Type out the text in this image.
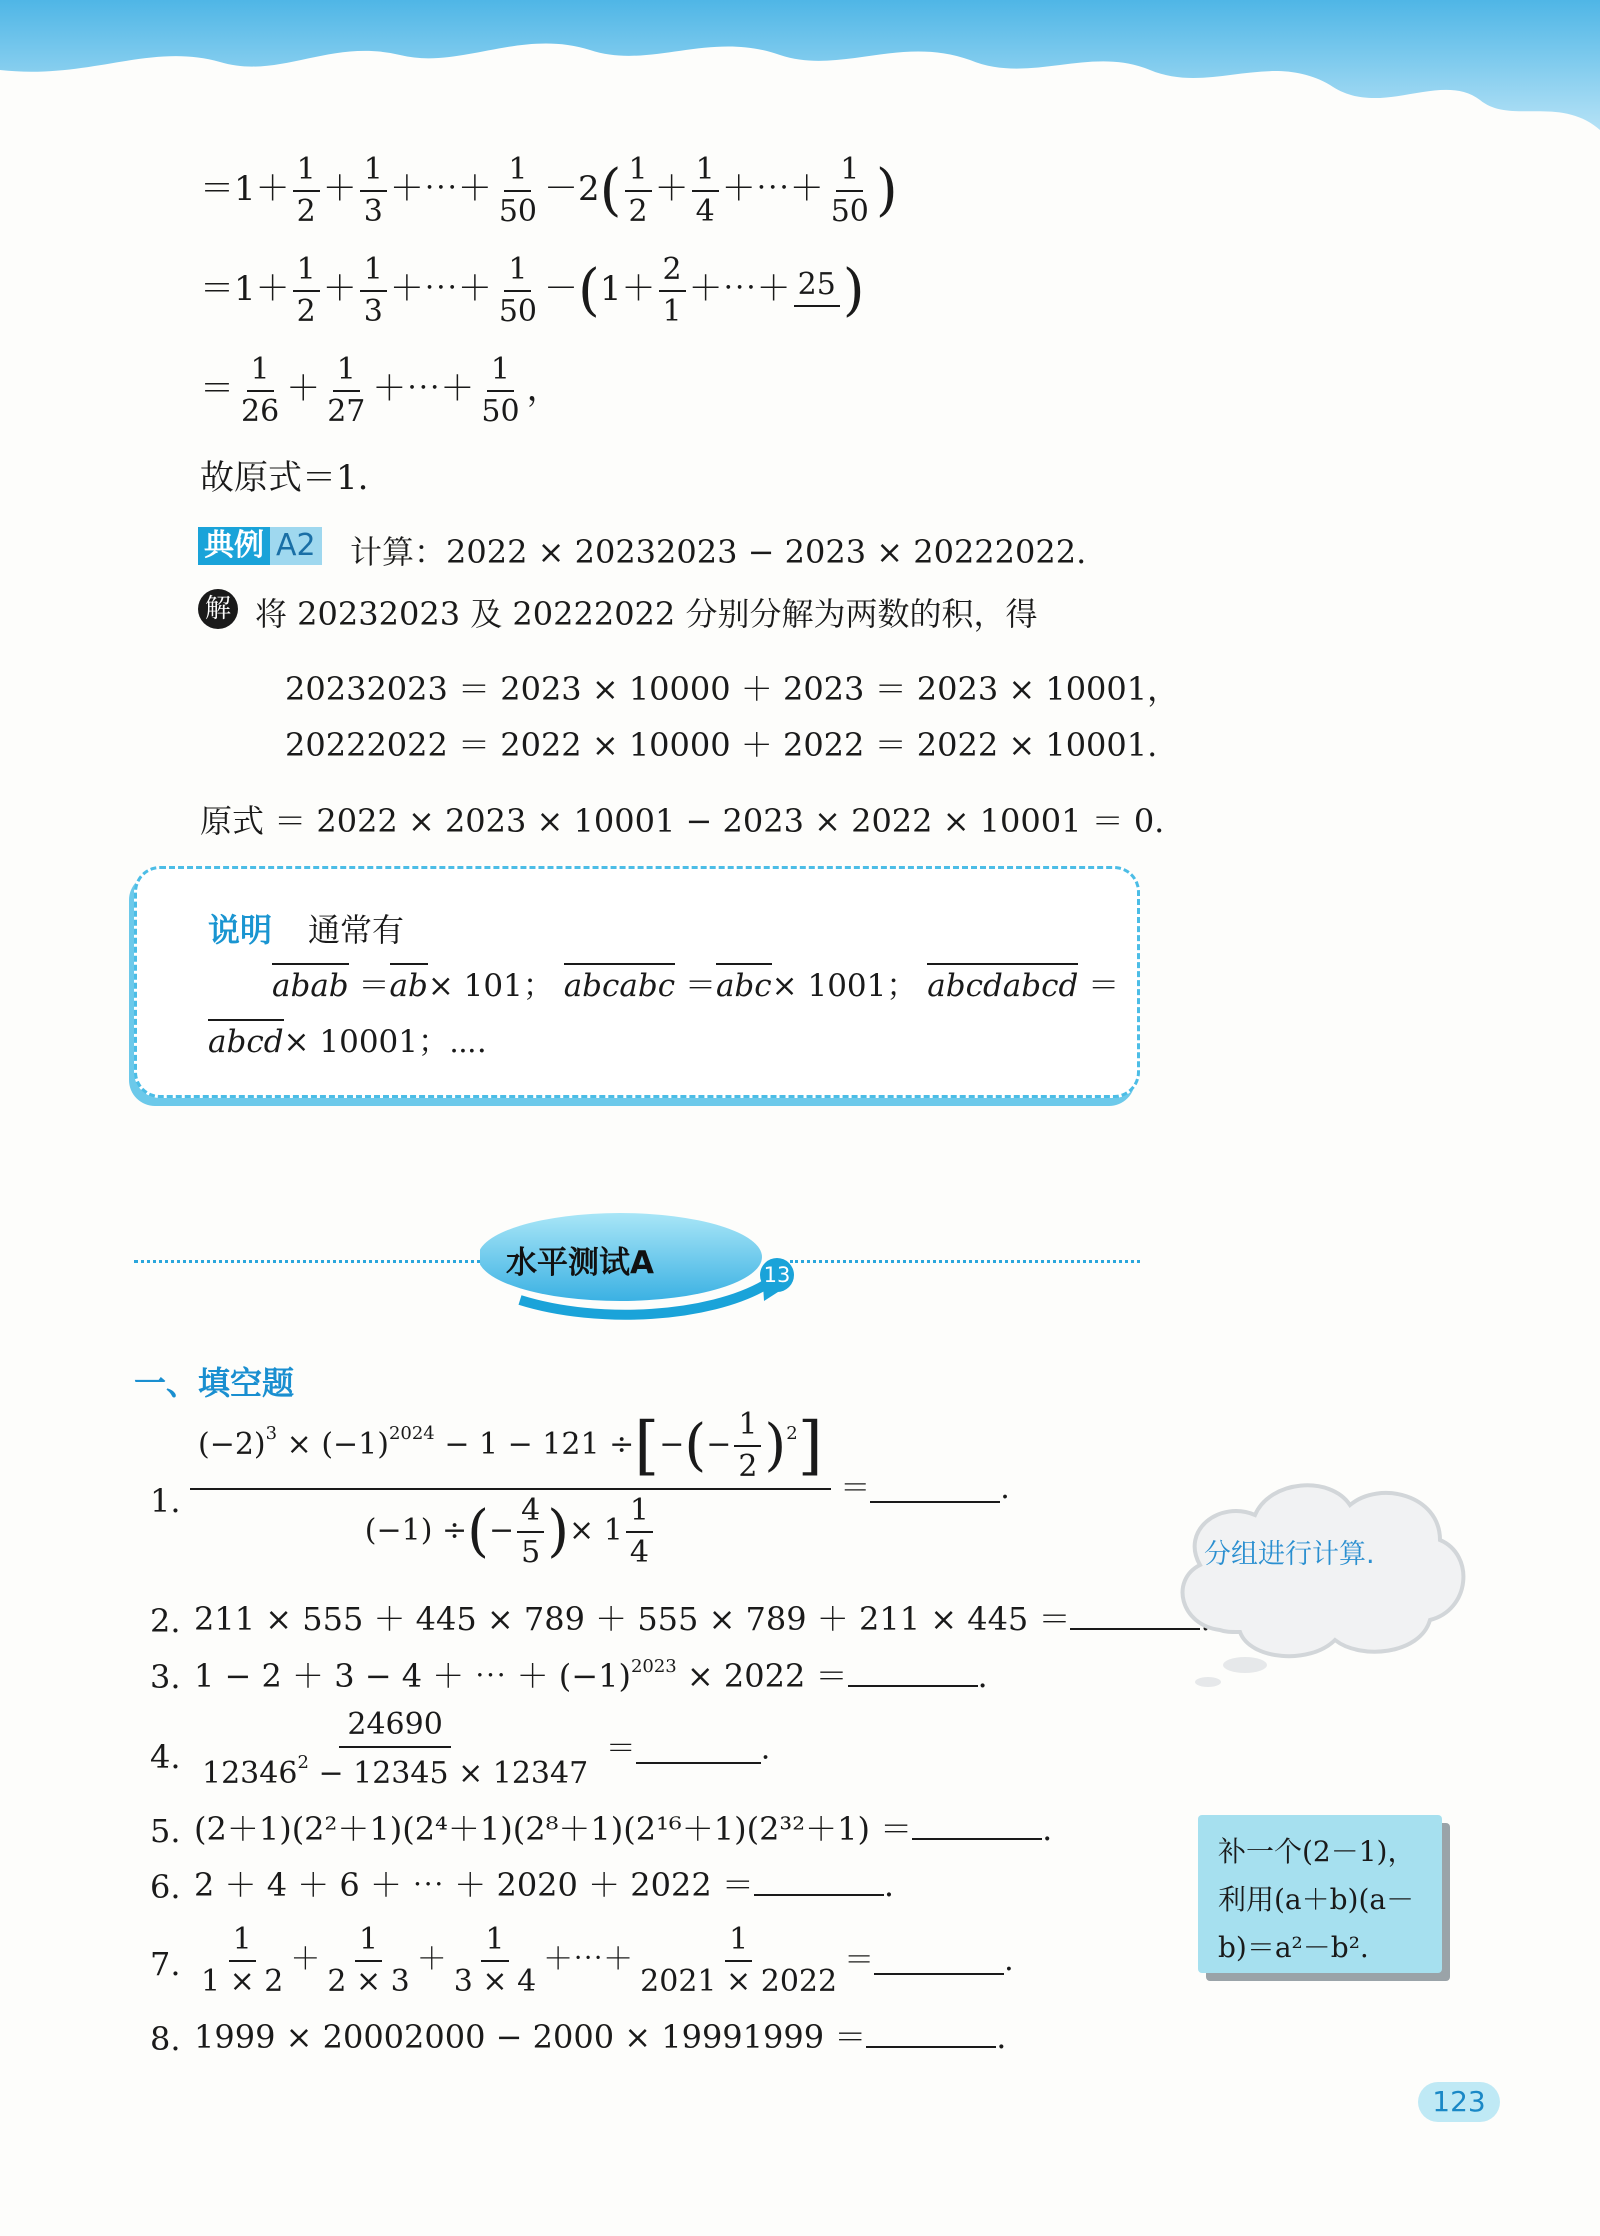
$=1+ \frac{1}{2} + \frac{1}{3}$ ＋⋯＋ $\frac{1}{50} -2( \frac{1}{2} + \frac{1}{4}$ ＋⋯＋ $\frac{1}{50}$ )
$=1+ \frac{1}{2} + \frac{1}{3}$ ＋⋯＋ $\frac{1}{50} -(1+ \frac{2}{1}$ ＋⋯＋ 25 )
＝ $\frac{1}{26} + \frac{1}{27}$ ＋⋯＋ $\frac{1}{50}$ ，
故原式＝1.
典例 A2 计算：2022 × 20232023 − 2023 × 20222022.
解 将 20232023 及 20222022 分别分解为两数的积，得
20232023 ＝ 2023 × 10000 ＋ 2023 ＝ 2023 × 10001，
20222022 ＝ 2022 × 10000 ＋ 2022 ＝ 2022 × 10001.
原式 ＝ 2022 × 2023 × 10001 − 2023 × 2022 × 10001 ＝ 0.
说明 通常有
abab ＝ab× 101； abcabc ＝abc× 1001； abcdabcd ＝
abcd× 10001；⋯.
水平测试A	13
一、填空题
1. $\frac{(-2)^3 \times (-1)^{2024} - 1 - 121 \div[-(- \frac{1}{2} )^2]}{(-1) \div(- \frac{4}{5} )\times 1 \frac{1}{4}}$ ＝	.
2. 211 × 555 ＋ 445 × 789 ＋ 555 × 789 ＋ 211 × 445 ＝
3. 1 − 2 ＋ 3 − 4 ＋ ⋯ ＋ $(-1)^{2023} \times 2022$ ＝	.
4. $\frac{24690}{12346^2 - 12345 \times 12347}$ ＝	.
5. (2＋1)(2²＋1)(2⁴＋1)(2⁸＋1)(2¹⁶＋1)(2³²＋1) ＝	.
6. 2 ＋ 4 ＋ 6 ＋ ⋯ ＋ 2020 ＋ 2022 ＝	.
7. $\frac{1}{1 \times 2} + \frac{1}{2 \times 3} + \frac{1}{3 \times 4}$ ＋⋯＋ $\frac{1}{2021 \times 2022}$ ＝	.
8. 1999 × 20002000 − 2000 × 19991999 ＝	.
分组进行计算.
补一个(2－1)，
利用(a＋b)(a－
b)＝a²－b².
123
